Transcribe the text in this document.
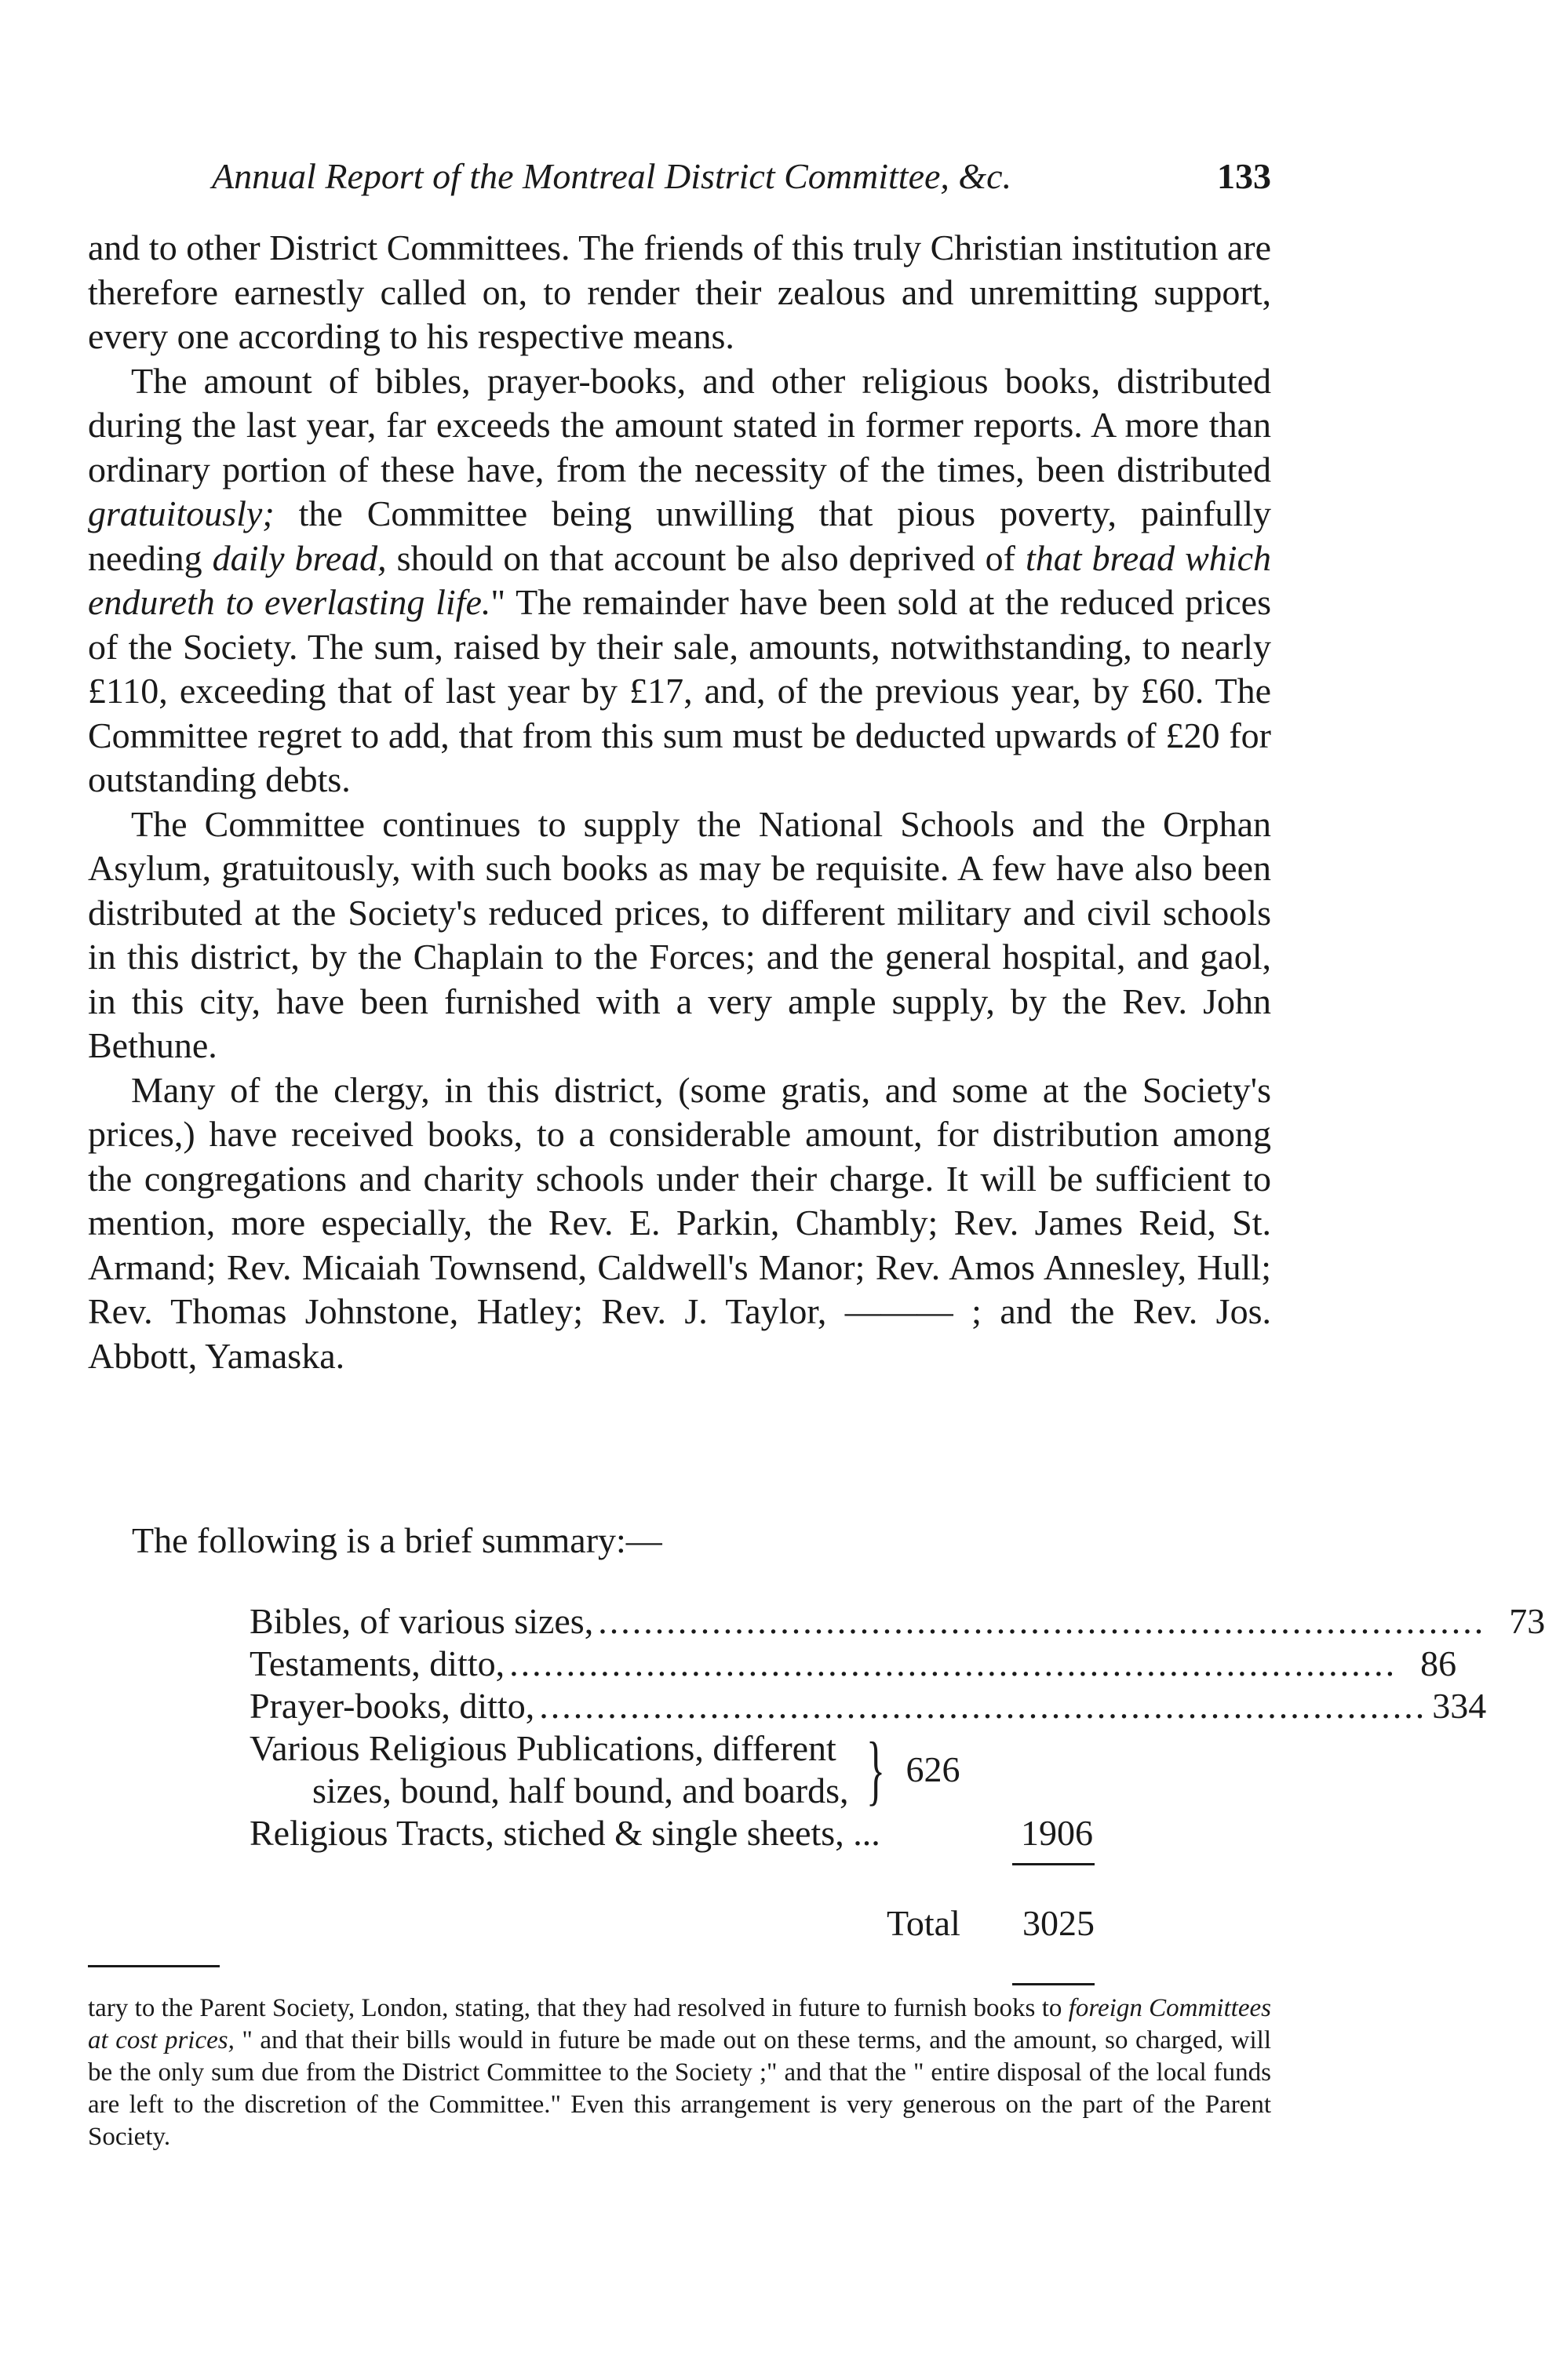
Annual Report of the Montreal District Committee, &c.	133

and to other District Committees. The friends of this truly Christian institution are therefore earnestly called on, to render their zealous and unremitting support, every one according to his respective means.

The amount of bibles, prayer-books, and other religious books, distributed during the last year, far exceeds the amount stated in former reports. A more than ordinary portion of these have, from the necessity of the times, been distributed gratuitously; the Committee being unwilling that pious poverty, painfully needing daily bread, should on that account be also deprived of that bread which endureth to everlasting life." The remainder have been sold at the reduced prices of the Society. The sum, raised by their sale, amounts, notwithstanding, to nearly £110, exceeding that of last year by £17, and, of the previous year, by £60. The Committee regret to add, that from this sum must be deducted upwards of £20 for outstanding debts.

The Committee continues to supply the National Schools and the Orphan Asylum, gratuitously, with such books as may be requisite. A few have also been distributed at the Society's reduced prices, to different military and civil schools in this district, by the Chaplain to the Forces; and the general hospital, and gaol, in this city, have been furnished with a very ample supply, by the Rev. John Bethune.

Many of the clergy, in this district, (some gratis, and some at the Society's prices,) have received books, to a considerable amount, for distribution among the congregations and charity schools under their charge. It will be sufficient to mention, more especially, the Rev. E. Parkin, Chambly; Rev. James Reid, St. Armand; Rev. Micaiah Townsend, Caldwell's Manor; Rev. Amos Annesley, Hull; Rev. Thomas Johnstone, Hatley; Rev. J. Taylor, ——— ; and the Rev. Jos. Abbott, Yamaska.

The following is a brief summary:—
Bibles, of various sizes, .............................................................................. 73
Testaments, ditto, .............................................................................. 86
Prayer-books, ditto, .............................................................................. 334
Various Religious Publications, different
sizes, bound, half bound, and boards, } 626
Religious Tracts, stiched & single sheets, ...	1906
Total 3025
tary to the Parent Society, London, stating, that they had resolved in future to furnish books to foreign Committees at cost prices, " and that their bills would in future be made out on these terms, and the amount, so charged, will be the only sum due from the District Committee to the Society ;" and that the " entire disposal of the local funds are left to the discretion of the Committee." Even this arrangement is very generous on the part of the Parent Society.
